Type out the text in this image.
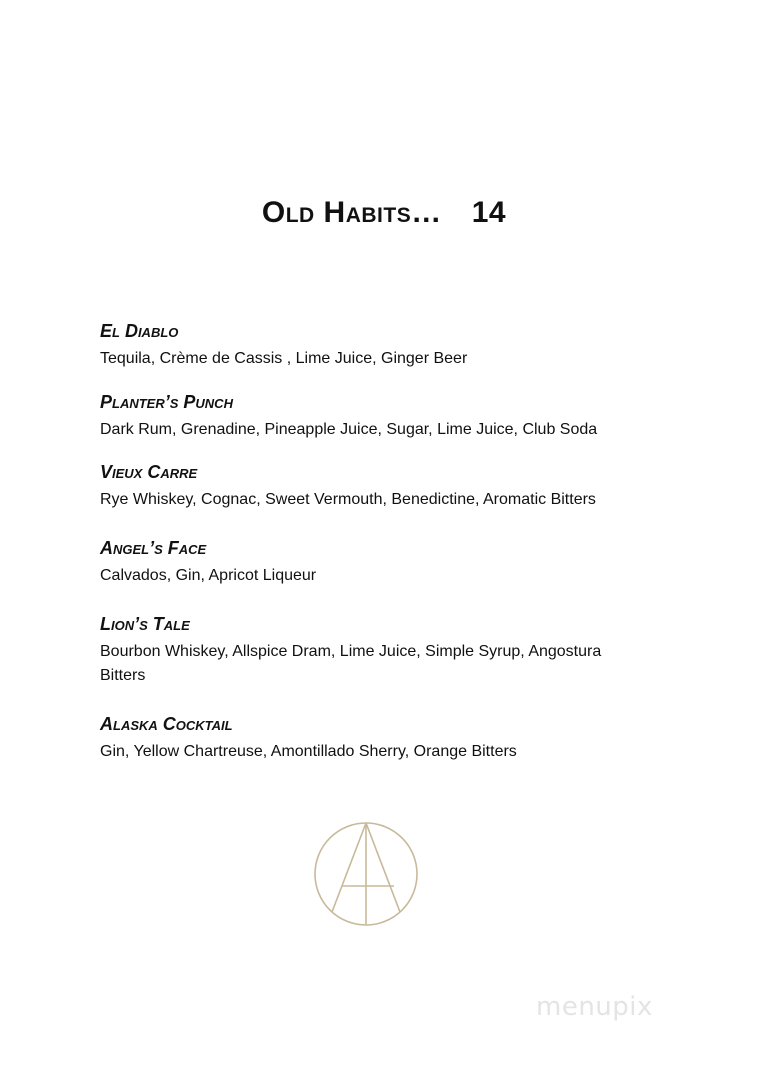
Old Habits… 14
El Diablo
Tequila, Crème de Cassis , Lime Juice, Ginger Beer
Planter’s Punch
Dark Rum, Grenadine, Pineapple Juice, Sugar, Lime Juice, Club Soda
Vieux Carre
Rye Whiskey, Cognac, Sweet Vermouth, Benedictine, Aromatic Bitters
Angel’s Face
Calvados, Gin, Apricot Liqueur
Lion’s Tale
Bourbon Whiskey, Allspice Dram, Lime Juice, Simple Syrup, Angostura Bitters
Alaska Cocktail
Gin, Yellow Chartreuse, Amontillado Sherry, Orange Bitters
menupix
